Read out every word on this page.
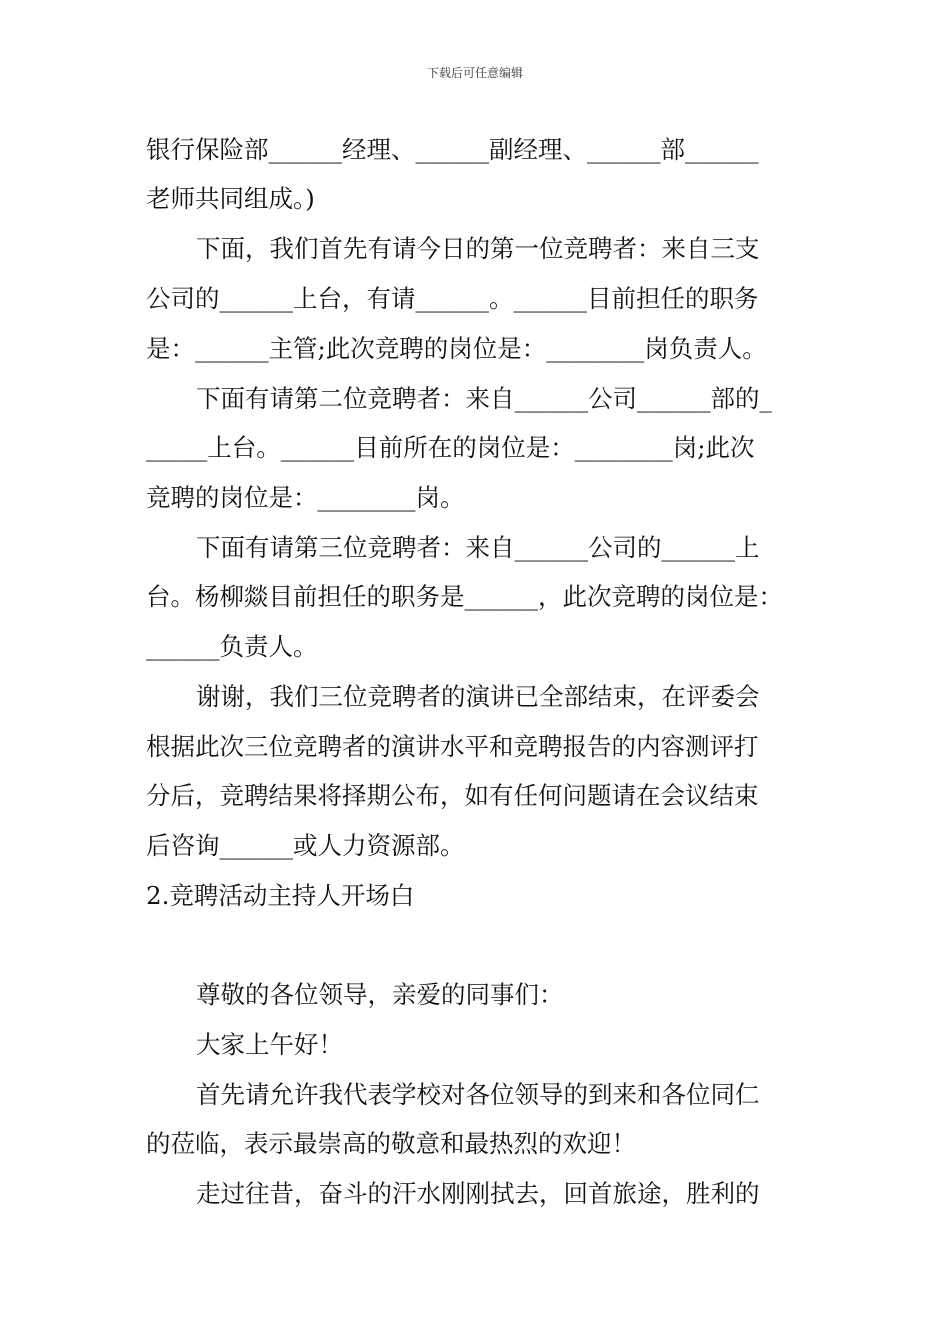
下载后可任意编辑
银行保险部______经理、______副经理、______部______
老师共同组成。)
下面，我们首先有请今日的第一位竞聘者：来自三支
公司的______上台，有请______。______目前担任的职务
是：______主管;此次竞聘的岗位是：________岗负责人。
下面有请第二位竞聘者：来自______公司______部的_
_____上台。______目前所在的岗位是：________岗;此次
竞聘的岗位是：________岗。
下面有请第三位竞聘者：来自______公司的______上
台。杨柳燚目前担任的职务是______，此次竞聘的岗位是：
______负责人。
谢谢，我们三位竞聘者的演讲已全部结束，在评委会
根据此次三位竞聘者的演讲水平和竞聘报告的内容测评打
分后，竞聘结果将择期公布，如有任何问题请在会议结束
后咨询______或人力资源部。
2.竞聘活动主持人开场白
尊敬的各位领导，亲爱的同事们：
大家上午好！
首先请允许我代表学校对各位领导的到来和各位同仁
的莅临，表示最崇高的敬意和最热烈的欢迎！
走过往昔，奋斗的汗水刚刚拭去，回首旅途，胜利的
